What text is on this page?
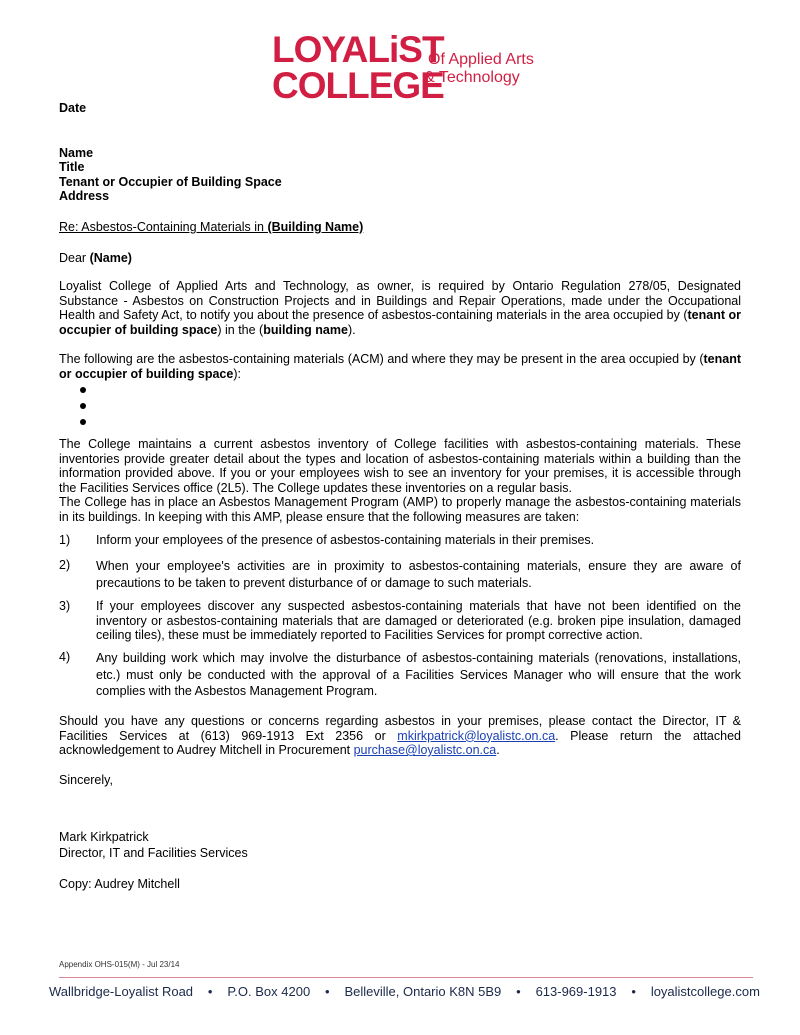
LOYALiST
COLLEGE
Of Applied Arts
& Technology
Date
Name
Title
Tenant or Occupier of Building Space
Address
Re: Asbestos-Containing Materials in (Building Name)
Dear (Name)
Loyalist College of Applied Arts and Technology, as owner, is required by Ontario Regulation 278/05, Designated Substance - Asbestos on Construction Projects and in Buildings and Repair Operations, made under the Occupational Health and Safety Act, to notify you about the presence of asbestos-containing materials in the area occupied by (tenant or occupier of building space) in the (building name).
The following are the asbestos-containing materials (ACM) and where they may be present in the area occupied by (tenant or occupier of building space):
The College maintains a current asbestos inventory of College facilities with asbestos-containing materials. These inventories provide greater detail about the types and location of asbestos-containing materials within a building than the information provided above. If you or your employees wish to see an inventory for your premises, it is accessible through the Facilities Services office (2L5). The College updates these inventories on a regular basis.
The College has in place an Asbestos Management Program (AMP) to properly manage the asbestos-containing materials in its buildings. In keeping with this AMP, please ensure that the following measures are taken:
1) Inform your employees of the presence of asbestos-containing materials in their premises.
2) When your employee's activities are in proximity to asbestos-containing materials, ensure they are aware of precautions to be taken to prevent disturbance of or damage to such materials.
3) If your employees discover any suspected asbestos-containing materials that have not been identified on the inventory or asbestos-containing materials that are damaged or deteriorated (e.g. broken pipe insulation, damaged ceiling tiles), these must be immediately reported to Facilities Services for prompt corrective action.
4) Any building work which may involve the disturbance of asbestos-containing materials (renovations, installations, etc.) must only be conducted with the approval of a Facilities Services Manager who will ensure that the work complies with the Asbestos Management Program.
Should you have any questions or concerns regarding asbestos in your premises, please contact the Director, IT & Facilities Services at (613) 969-1913 Ext 2356 or mkirkpatrick@loyalistc.on.ca. Please return the attached acknowledgement to Audrey Mitchell in Procurement purchase@loyalistc.on.ca.
Sincerely,
Mark Kirkpatrick
Director, IT and Facilities Services
Copy: Audrey Mitchell
Appendix OHS-015(M) - Jul 23/14
Wallbridge-Loyalist Road • P.O. Box 4200 • Belleville, Ontario K8N 5B9 • 613-969-1913 • loyalistcollege.com
